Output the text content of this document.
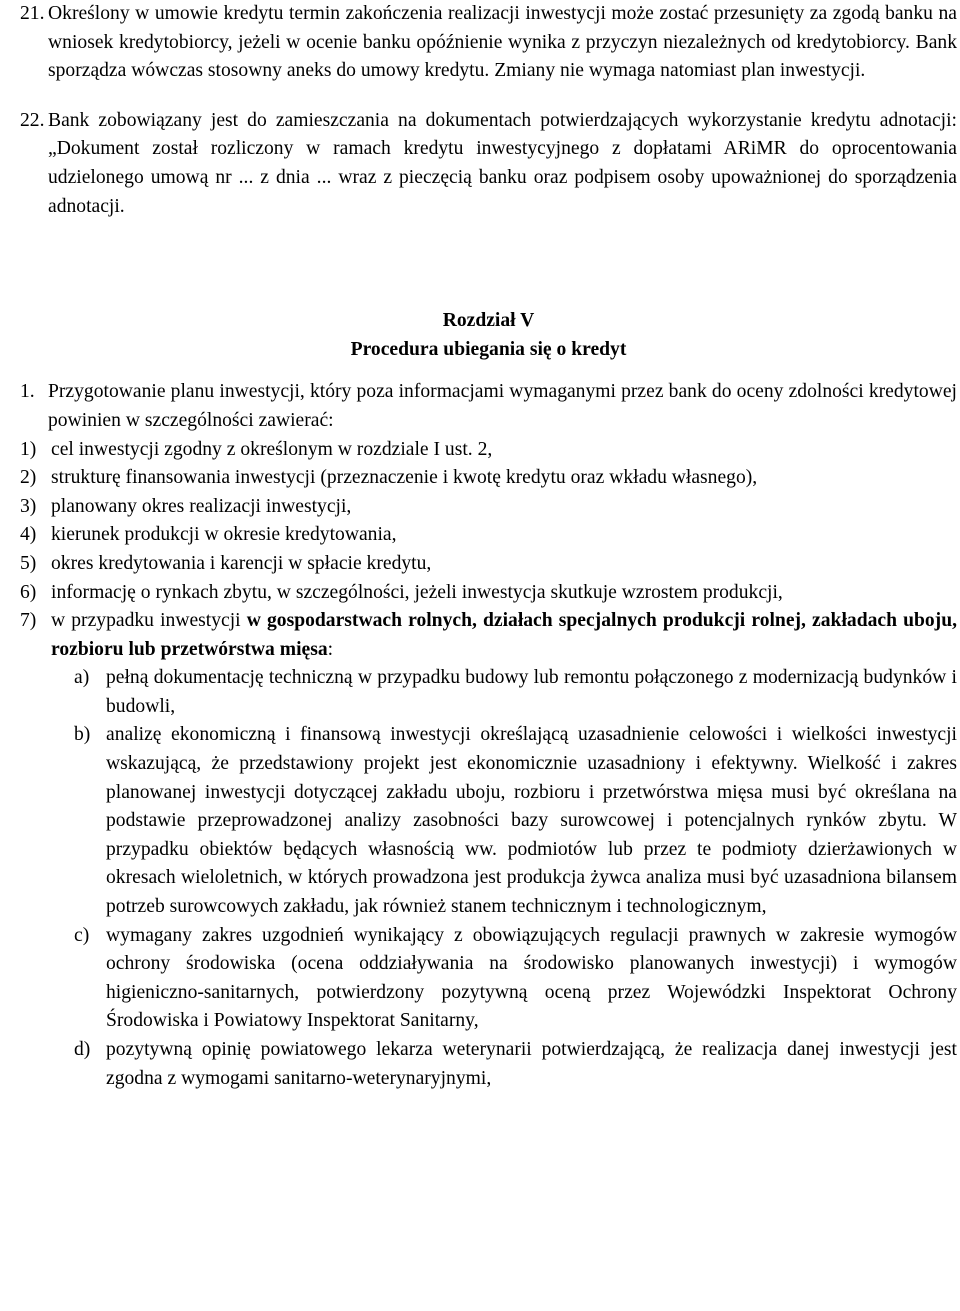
21. Określony w umowie kredytu termin zakończenia realizacji inwestycji może zostać przesunięty za zgodą banku na wniosek kredytobiorcy, jeżeli w ocenie banku opóźnienie wynika z przyczyn niezależnych od kredytobiorcy. Bank sporządza wówczas stosowny aneks do umowy kredytu. Zmiany nie wymaga natomiast plan inwestycji.
22. Bank zobowiązany jest do zamieszczania na dokumentach potwierdzających wykorzystanie kredytu adnotacji: „Dokument został rozliczony w ramach kredytu inwestycyjnego z dopłatami ARiMR do oprocentowania udzielonego umową nr ... z dnia ... wraz z pieczęcią banku oraz podpisem osoby upoważnionej do sporządzenia adnotacji.
Rozdział V
Procedura ubiegania się o kredyt
1. Przygotowanie planu inwestycji, który poza informacjami wymaganymi przez bank do oceny zdolności kredytowej powinien w szczególności zawierać:
1) cel inwestycji zgodny z określonym w rozdziale I ust. 2,
2) strukturę finansowania inwestycji (przeznaczenie i kwotę kredytu oraz wkładu własnego),
3) planowany okres realizacji inwestycji,
4) kierunek produkcji w okresie kredytowania,
5) okres kredytowania i karencji w spłacie kredytu,
6) informację o rynkach zbytu, w szczególności, jeżeli inwestycja skutkuje wzrostem produkcji,
7) w przypadku inwestycji w gospodarstwach rolnych, działach specjalnych produkcji rolnej, zakładach uboju, rozbioru lub przetwórstwa mięsa:
a) pełną dokumentację techniczną w przypadku budowy lub remontu połączonego z modernizacją budynków i budowli,
b) analizę ekonomiczną i finansową inwestycji określającą uzasadnienie celowości i wielkości inwestycji wskazującą, że przedstawiony projekt jest ekonomicznie uzasadniony i efektywny. Wielkość i zakres planowanej inwestycji dotyczącej zakładu uboju, rozbioru i przetwórstwa mięsa musi być określana na podstawie przeprowadzonej analizy zasobności bazy surowcowej i potencjalnych rynków zbytu. W przypadku obiektów będących własnością ww. podmiotów lub przez te podmioty dzierżawionych w okresach wieloletnich, w których prowadzona jest produkcja żywca analiza musi być uzasadniona bilansem potrzeb surowcowych zakładu, jak również stanem technicznym i technologicznym,
c) wymagany zakres uzgodnień wynikający z obowiązujących regulacji prawnych w zakresie wymogów ochrony środowiska (ocena oddziaływania na środowisko planowanych inwestycji) i wymogów higieniczno-sanitarnych, potwierdzony pozytywną oceną przez Wojewódzki Inspektorat Ochrony Środowiska i Powiatowy Inspektorat Sanitarny,
d) pozytywną opinię powiatowego lekarza weterynarii potwierdzającą, że realizacja danej inwestycji jest zgodna z wymogami sanitarno-weterynaryjnymi,
